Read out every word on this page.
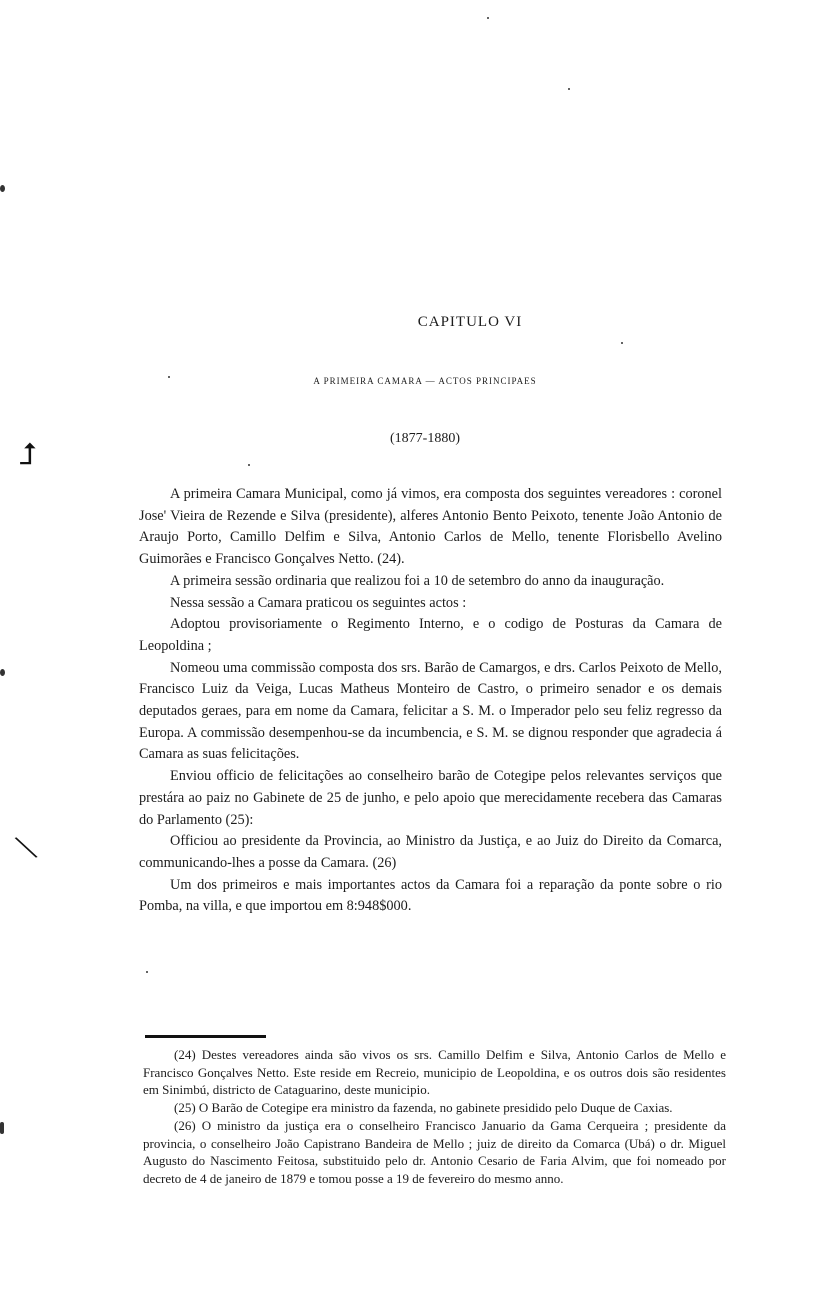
⮥
╲
CAPITULO VI
A PRIMEIRA CAMARA — ACTOS PRINCIPAES
(1877-1880)

A primeira Camara Municipal, como já vimos, era composta dos seguintes vereadores : coronel Jose' Vieira de Rezende e Silva (presidente), alferes Antonio Bento Peixoto, tenente João Antonio de Araujo Porto, Camillo Delfim e Silva, Antonio Carlos de Mello, tenente Florisbello Avelino Guimorães e Francisco Gonçalves Netto. (24).

A primeira sessão ordinaria que realizou foi a 10 de setembro do anno da inauguração.

Nessa sessão a Camara praticou os seguintes actos :

Adoptou provisoriamente o Regimento Interno, e o codigo de Posturas da Camara de Leopoldina ;

Nomeou uma commissão composta dos srs. Barão de Camargos, e drs. Carlos Peixoto de Mello, Francisco Luiz da Veiga, Lucas Matheus Monteiro de Castro, o primeiro senador e os demais deputados geraes, para em nome da Camara, felicitar a S. M. o Imperador pelo seu feliz regresso da Europa. A commissão desempenhou-se da incumbencia, e S. M. se dignou responder que agradecia á Camara as suas felicitações.

Enviou officio de felicitações ao conselheiro barão de Cotegipe pelos relevantes serviços que prestára ao paiz no Gabinete de 25 de junho, e pelo apoio que merecidamente recebera das Camaras do Parlamento (25):

Officiou ao presidente da Provincia, ao Ministro da Justiça, e ao Juiz do Direito da Comarca, communicando-lhes a posse da Camara. (26)

Um dos primeiros e mais importantes actos da Camara foi a reparação da ponte sobre o rio Pomba, na villa, e que importou em 8:948$000.

(24) Destes vereadores ainda são vivos os srs. Camillo Delfim e Silva, Antonio Carlos de Mello e Francisco Gonçalves Netto. Este reside em Recreio, municipio de Leopoldina, e os outros dois são residentes em Sinimbú, districto de Cataguarino, deste municipio.

(25) O Barão de Cotegipe era ministro da fazenda, no gabinete presidido pelo Duque de Caxias.

(26) O ministro da justiça era o conselheiro Francisco Januario da Gama Cerqueira ; presidente da provincia, o conselheiro João Capistrano Bandeira de Mello ; juiz de direito da Comarca (Ubá) o dr. Miguel Augusto do Nascimento Feitosa, substituido pelo dr. Antonio Cesario de Faria Alvim, que foi nomeado por decreto de 4 de janeiro de 1879 e tomou posse a 19 de fevereiro do mesmo anno.
